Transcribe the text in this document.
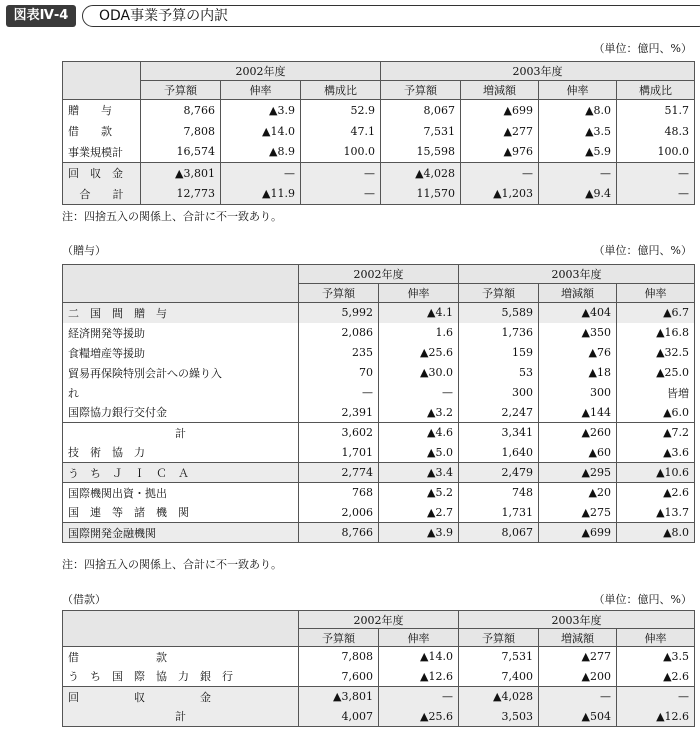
図表Ⅳ-4	ODA事業予算の内訳
（単位：億円、%）
	2002年度			2003年度			
	予算額	伸率	構成比	予算額	増減額	伸率	構成比
贈　　与	8,766	▲3.9	52.9	8,067	▲699	▲8.0	51.7
借　　款	7,808	▲14.0	47.1	7,531	▲277	▲3.5	48.3
事業規模計	16,574	▲8.9	100.0	15,598	▲976	▲5.9	100.0
回　収　金	▲3,801	—	—	▲4,028	—	—	—
合　　計	12,773	▲11.9	—	11,570	▲1,203	▲9.4	—
注：四捨五入の関係上、合計に不一致あり。
（贈与）	（単位：億円、%）
	2002年度		2003年度		
	予算額	伸率	予算額	増減額	伸率
二　国　間　贈　与	5,992	▲4.1	5,589	▲404	▲6.7
経済開発等援助	2,086	1.6	1,736	▲350	▲16.8
食糧増産等援助	235	▲25.6	159	▲76	▲32.5
貿易再保険特別会計への繰り入	70	▲30.0	53	▲18	▲25.0
れ	—	—	300	300	皆増
国際協力銀行交付金	2,391	▲3.2	2,247	▲144	▲6.0
計	3,602	▲4.6	3,341	▲260	▲7.2
技　術　協　力	1,701	▲5.0	1,640	▲60	▲3.6
う　ち　Ｊ　Ｉ　Ｃ　Ａ	2,774	▲3.4	2,479	▲295	▲10.6
国際機関出資・拠出	768	▲5.2	748	▲20	▲2.6
国　連　等　諸　機　関	2,006	▲2.7	1,731	▲275	▲13.7
国際開発金融機関	8,766	▲3.9	8,067	▲699	▲8.0
注：四捨五入の関係上、合計に不一致あり。
（借款）	（単位：億円、%）
	2002年度		2003年度		
	予算額	伸率	予算額	増減額	伸率
借　　　　　　　款	7,808	▲14.0	7,531	▲277	▲3.5
う　ち　国　際　協　力　銀　行	7,600	▲12.6	7,400	▲200	▲2.6
回　　　　　収　　　　　金	▲3,801	—	▲4,028	—	—
計	4,007	▲25.6	3,503	▲504	▲12.6
